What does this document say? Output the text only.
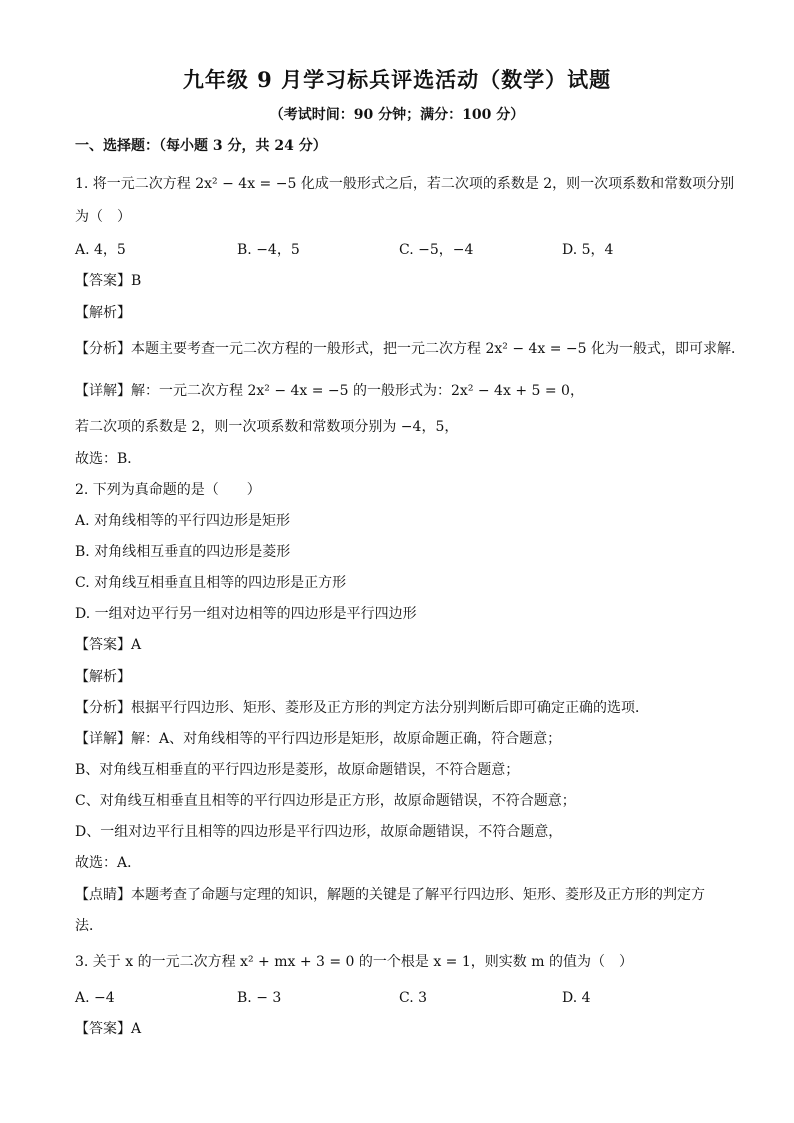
九年级 9 月学习标兵评选活动（数学）试题
（考试时间：90 分钟；满分：100 分）
一、选择题：（每小题 3 分，共 24 分）
1. 将一元二次方程 2x² − 4x = −5 化成一般形式之后，若二次项的系数是 2，则一次项系数和常数项分别
为（　）
A. 4，5	B. −4，5	C. −5，−4	D. 5，4
【答案】B
【解析】
【分析】本题主要考查一元二次方程的一般形式，把一元二次方程 2x² − 4x = −5 化为一般式，即可求解．
【详解】解：一元二次方程 2x² − 4x = −5 的一般形式为：2x² − 4x + 5 = 0，
若二次项的系数是 2，则一次项系数和常数项分别为 −4，5，
故选：B．
2. 下列为真命题的是（　　）
A. 对角线相等的平行四边形是矩形
B. 对角线相互垂直的四边形是菱形
C. 对角线互相垂直且相等的四边形是正方形
D. 一组对边平行另一组对边相等的四边形是平行四边形
【答案】A
【解析】
【分析】根据平行四边形、矩形、菱形及正方形的判定方法分别判断后即可确定正确的选项．
【详解】解：A、对角线相等的平行四边形是矩形，故原命题正确，符合题意；
B、对角线互相垂直的平行四边形是菱形，故原命题错误，不符合题意；
C、对角线互相垂直且相等的平行四边形是正方形，故原命题错误，不符合题意；
D、一组对边平行且相等的四边形是平行四边形，故原命题错误，不符合题意，
故选：A．
【点睛】本题考查了命题与定理的知识，解题的关键是了解平行四边形、矩形、菱形及正方形的判定方
法．
3. 关于 x 的一元二次方程 x² + mx + 3 = 0 的一个根是 x = 1，则实数 m 的值为（　）
A. −4	B. − 3	C. 3	D. 4
【答案】A
